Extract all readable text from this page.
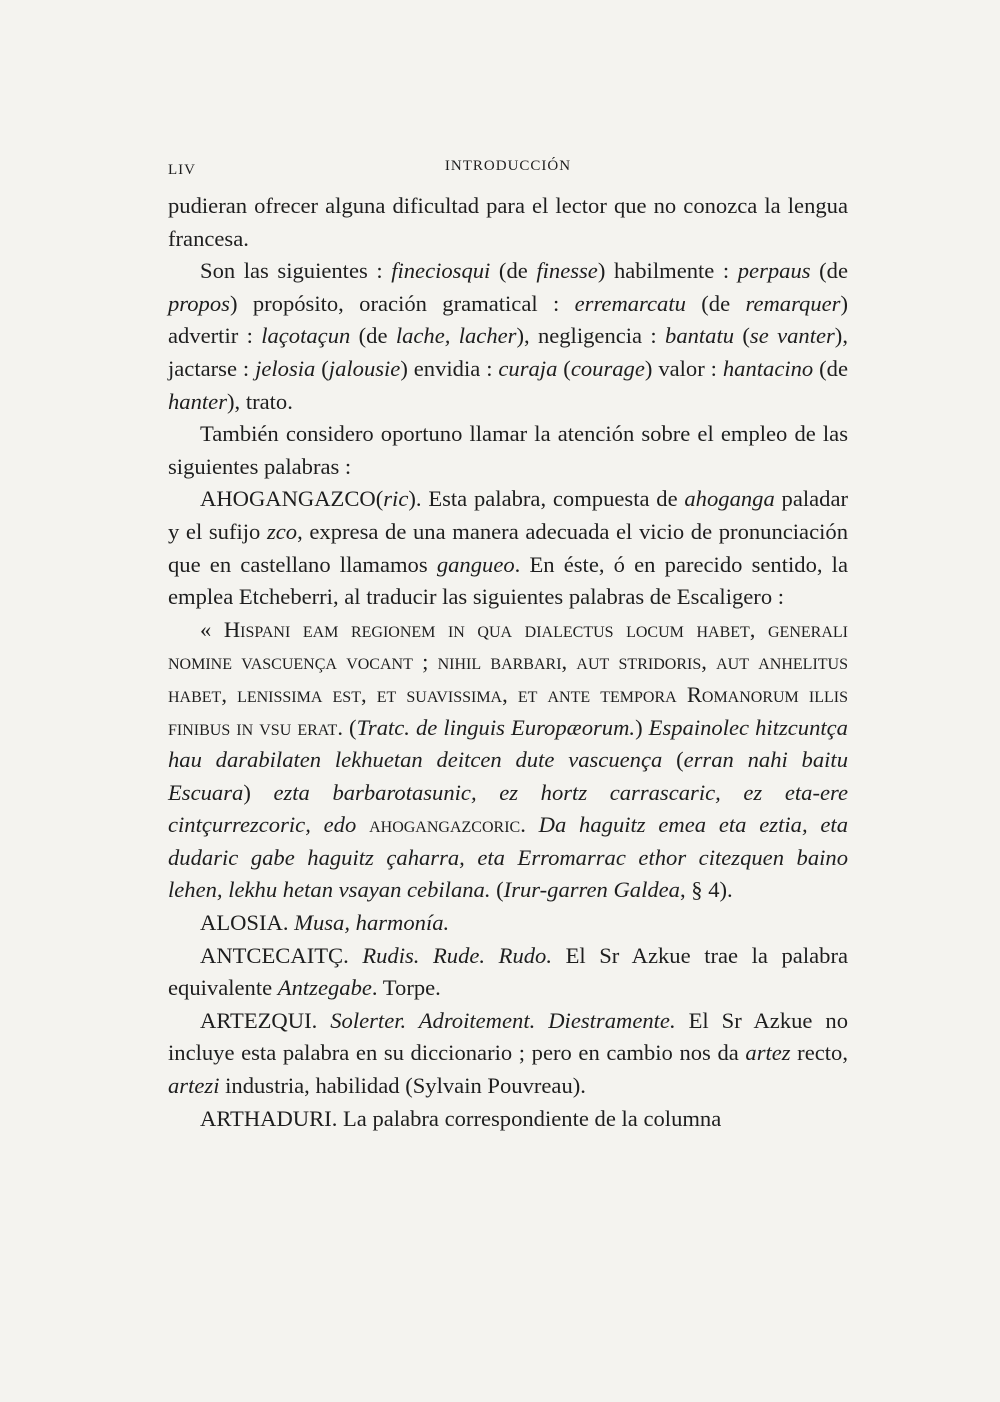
LIV	INTRODUCCIÓN

pudieran ofrecer alguna dificultad para el lector que no conozca la lengua francesa.

Son las siguientes : fineciosqui (de finesse) habilmente : perpaus (de propos) propósito, oración gramatical : erremarcatu (de remarquer) advertir : laçotaçun (de lache, lacher), negligencia : bantatu (se vanter), jactarse : jelosia (jalousie) envidia : curaja (courage) valor : hantacino (de hanter), trato.

También considero oportuno llamar la atención sobre el empleo de las siguientes palabras :

AHOGANGAZCO(ric). Esta palabra, compuesta de ahoganga paladar y el sufijo zco, expresa de una manera adecuada el vicio de pronunciación que en castellano llamamos gangueo. En éste, ó en parecido sentido, la emplea Etcheberri, al traducir las siguientes palabras de Escaligero :

« Hispani eam regionem in qua dialectus locum habet, generali nomine vascuença vocant ; nihil barbari, aut stridoris, aut anhelitus habet, lenissima est, et suavissima, et ante tempora Romanorum illis finibus in vsu erat. (Tratc. de linguis Europæorum.) Espainolec hitzcuntça hau darabilaten lekhuetan deitcen dute vascuença (erran nahi baitu Escuara) ezta barbarotasunic, ez hortz carrascaric, ez eta-ere cintçurrezcoric, edo ahogangazcoric. Da haguitz emea eta eztia, eta dudaric gabe haguitz çaharra, eta Erromarrac ethor citezquen baino lehen, lekhu hetan vsayan cebilana. (Irur-garren Galdea, § 4).

ALOSIA. Musa, harmonía.

ANTCECAITÇ. Rudis. Rude. Rudo. El Sr Azkue trae la palabra equivalente Antzegabe. Torpe.

ARTEZQUI. Solerter. Adroitement. Diestramente. El Sr Azkue no incluye esta palabra en su diccionario ; pero en cambio nos da artez recto, artezi industria, habilidad (Sylvain Pouvreau).

ARTHADURI. La palabra correspondiente de la columna
